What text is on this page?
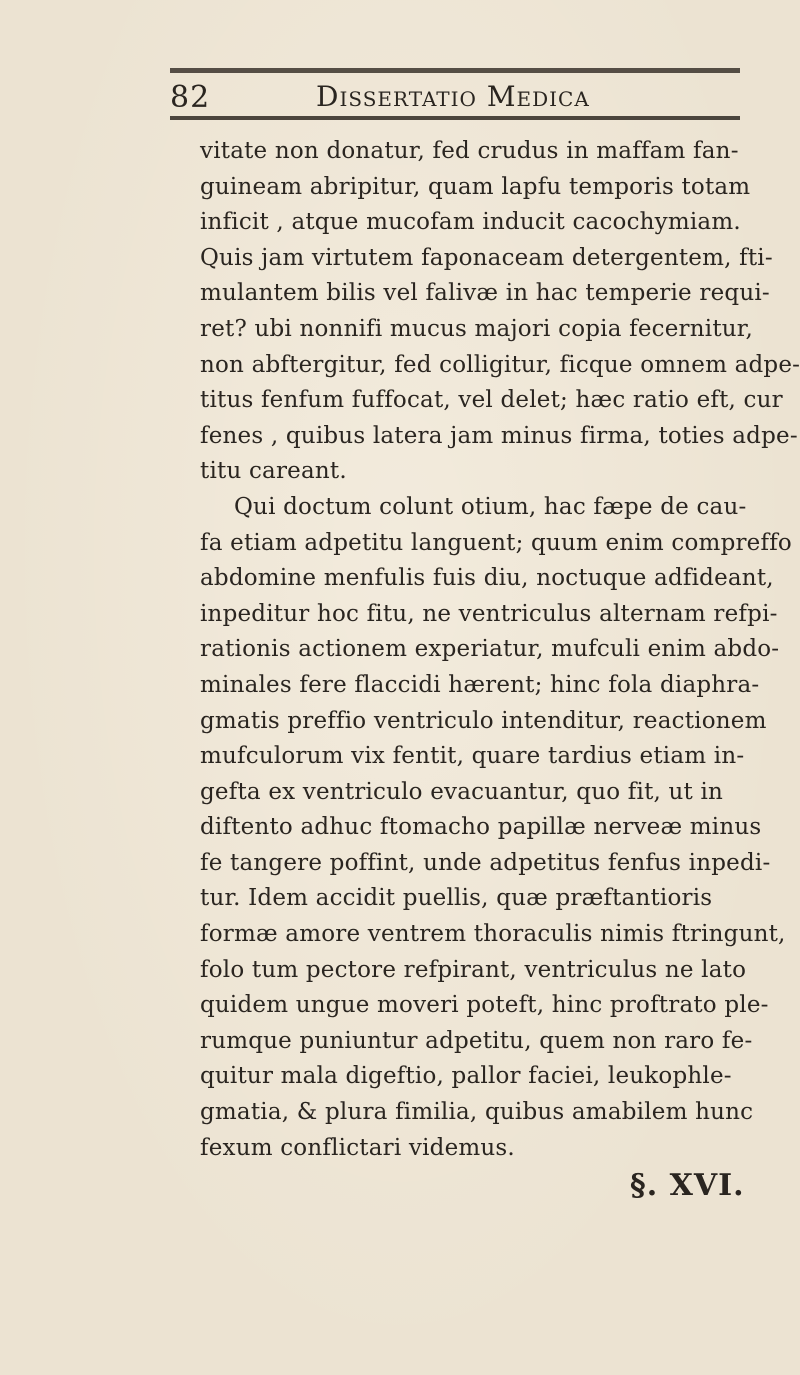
82	Dissertatio Medica
vitate non donatur, fed crudus in maffam fan-
guineam abripitur, quam lapfu temporis totam
inficit , atque mucofam inducit cacochymiam.
Quis jam virtutem faponaceam detergentem, fti-
mulantem bilis vel falivæ in hac temperie requi-
ret? ubi nonnifi mucus majori copia fecernitur,
non abftergitur, fed colligitur, ficque omnem adpe-
titus fenfum fuffocat, vel delet; hæc ratio eft, cur
fenes , quibus latera jam minus firma, toties adpe-
titu careant.
Qui doctum colunt otium, hac fæpe de cau-
fa etiam adpetitu languent; quum enim compreffo
abdomine menfulis fuis diu, noctuque adfideant,
inpeditur hoc fitu, ne ventriculus alternam refpi-
rationis actionem experiatur, mufculi enim abdo-
minales fere flaccidi hærent; hinc fola diaphra-
gmatis preffio ventriculo intenditur, reactionem
mufculorum vix fentit, quare tardius etiam in-
gefta ex ventriculo evacuantur, quo fit, ut in
diftento adhuc ftomacho papillæ nerveæ minus
fe tangere poffint, unde adpetitus fenfus inpedi-
tur. Idem accidit puellis, quæ præftantioris
formæ amore ventrem thoraculis nimis ftringunt,
folo tum pectore refpirant, ventriculus ne lato
quidem ungue moveri poteft, hinc proftrato ple-
rumque puniuntur adpetitu, quem non raro fe-
quitur mala digeftio, pallor faciei, leukophle-
gmatia, & plura fimilia, quibus amabilem hunc
fexum conflictari videmus.
§. XVI.
